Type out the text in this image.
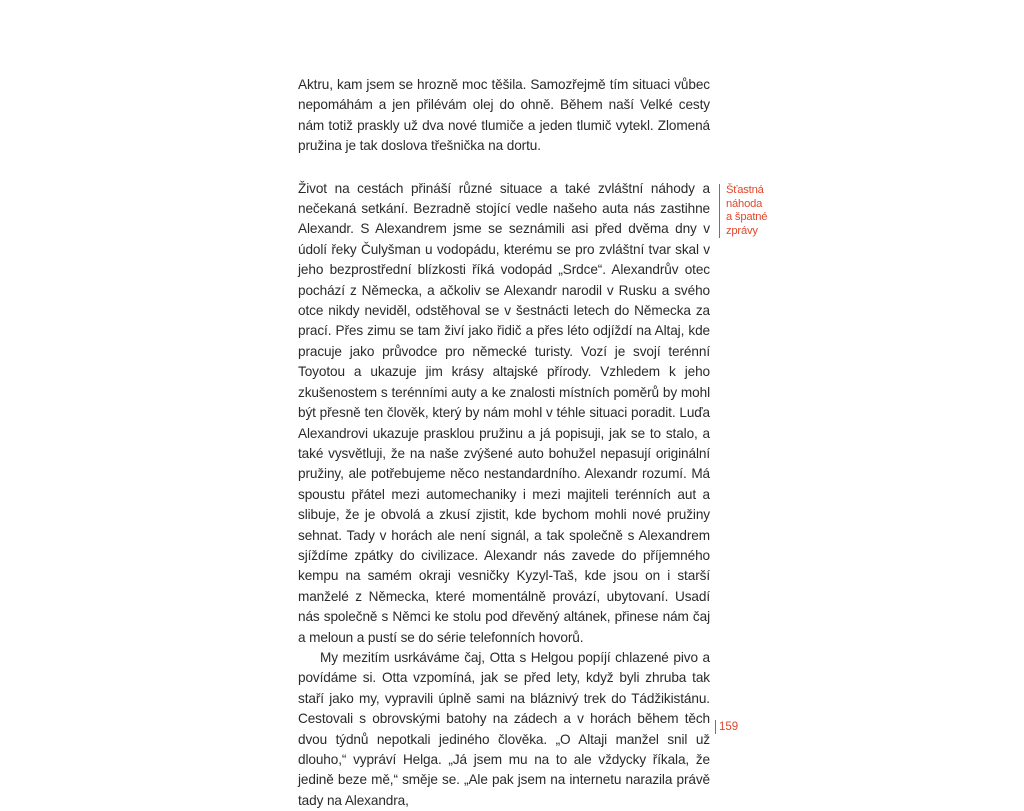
Aktru, kam jsem se hrozně moc těšila. Samozřejmě tím situaci vůbec nepomáhám a jen přilévám olej do ohně. Během naší Velké cesty nám totiž praskly už dva nové tlumiče a jeden tlumič vytekl. Zlomená pružina je tak doslova třešnička na dortu.

Život na cestách přináší různé situace a také zvláštní náhody a nečekaná setkání. Bezradně stojící vedle našeho auta nás zastihne Alexandr. S Alexandrem jsme se seznámili asi před dvěma dny v údolí řeky Čulyšman u vodopádu, kterému se pro zvláštní tvar skal v jeho bezprostřední blízkosti říká vodopád „Srdce“. Alexandrův otec pochází z Německa, a ačkoliv se Alexandr narodil v Rusku a svého otce nikdy neviděl, odstěhoval se v šestnácti letech do Německa za prací. Přes zimu se tam živí jako řidič a přes léto odjíždí na Altaj, kde pracuje jako průvodce pro německé turisty. Vozí je svojí terénní Toyotou a ukazuje jim krásy altajské přírody. Vzhledem k jeho zkušenostem s terénními auty a ke znalosti místních poměrů by mohl být přesně ten člověk, který by nám mohl v téhle situaci poradit. Luďa Alexandrovi ukazuje prasklou pružinu a já popisuji, jak se to stalo, a také vysvětluji, že na naše zvýšené auto bohužel nepasují originální pružiny, ale potřebujeme něco nestandardního. Alexandr rozumí. Má spoustu přátel mezi automechaniky i mezi majiteli terénních aut a slibuje, že je obvolá a zkusí zjistit, kde bychom mohli nové pružiny sehnat. Tady v horách ale není signál, a tak společně s Alexandrem sjíždíme zpátky do civilizace. Alexandr nás zavede do příjemného kempu na samém okraji vesničky Kyzyl-Taš, kde jsou on i starší manželé z Německa, které momentálně provází, ubytovaní. Usadí nás společně s Němci ke stolu pod dřevěný altánek, přinese nám čaj a meloun a pustí se do série telefonních hovorů.

My mezitím usrkáváme čaj, Otta s Helgou popíjí chlazené pivo a povídáme si. Otta vzpomíná, jak se před lety, když byli zhruba tak staří jako my, vypravili úplně sami na bláznivý trek do Tádžikistánu. Cestovali s obrovskými batohy na zádech a v horách během těch dvou týdnů nepotkali jediného člověka. „O Altaji manžel snil už dlouho,“ vypráví Helga. „Já jsem mu na to ale vždycky říkala, že jedině beze mě,“ směje se. „Ale pak jsem na internetu narazila právě tady na Alexandra,

Šťastná
náhoda
a špatné
zprávy
159
